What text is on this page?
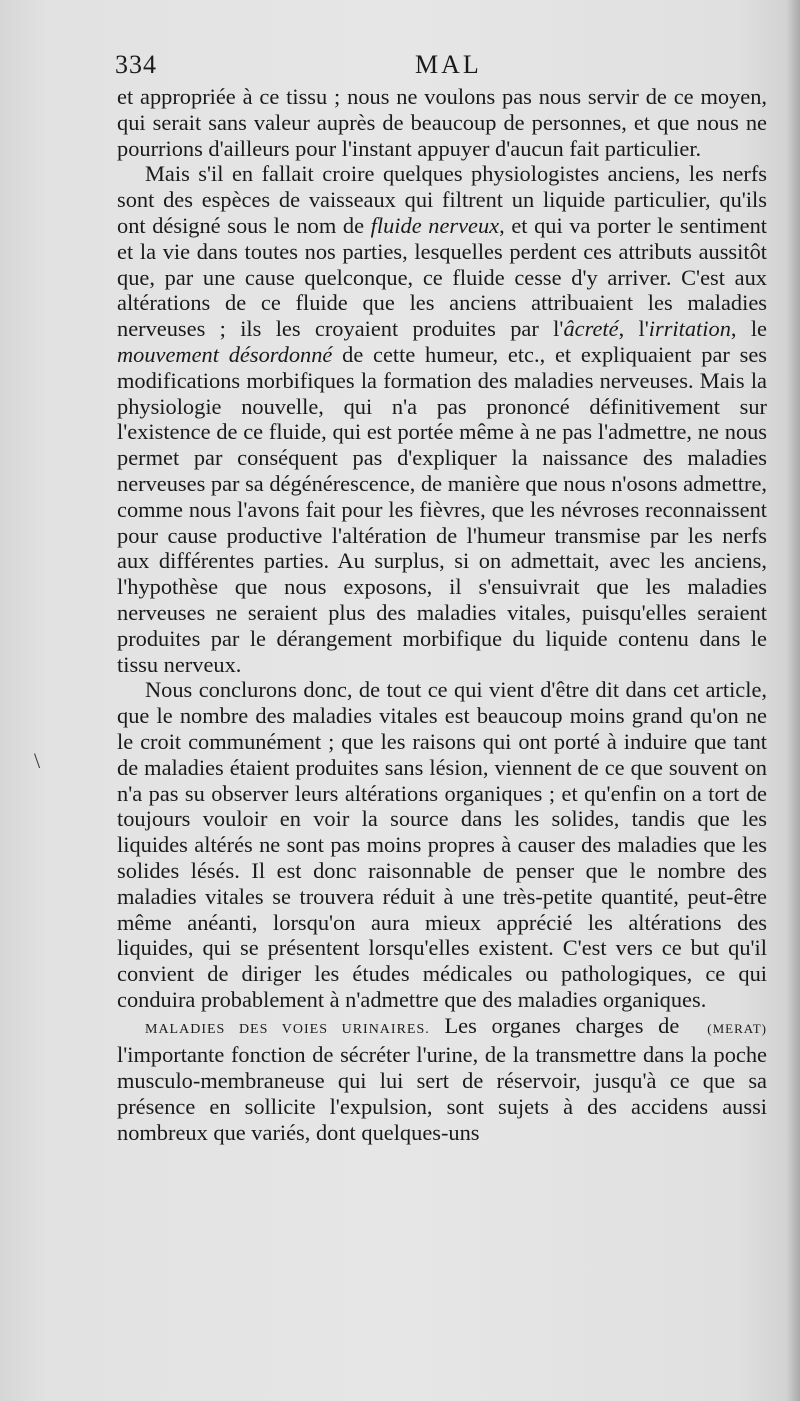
334	MAL
\

et appropriée à ce tissu ; nous ne voulons pas nous servir de ce moyen, qui serait sans valeur auprès de beaucoup de personnes, et que nous ne pourrions d'ailleurs pour l'instant appuyer d'aucun fait particulier.

Mais s'il en fallait croire quelques physiologistes anciens, les nerfs sont des espèces de vaisseaux qui filtrent un liquide particulier, qu'ils ont désigné sous le nom de fluide nerveux, et qui va porter le sentiment et la vie dans toutes nos parties, lesquelles perdent ces attributs aussitôt que, par une cause quelconque, ce fluide cesse d'y arriver. C'est aux altérations de ce fluide que les anciens attribuaient les maladies nerveuses ; ils les croyaient produites par l'âcreté, l'irritation, le mouvement désordonné de cette humeur, etc., et expliquaient par ses modifications morbifiques la formation des maladies nerveuses. Mais la physiologie nouvelle, qui n'a pas prononcé définitivement sur l'existence de ce fluide, qui est portée même à ne pas l'admettre, ne nous permet par conséquent pas d'expliquer la naissance des maladies nerveuses par sa dégénérescence, de manière que nous n'osons admettre, comme nous l'avons fait pour les fièvres, que les névroses reconnaissent pour cause productive l'altération de l'humeur transmise par les nerfs aux différentes parties. Au surplus, si on admettait, avec les anciens, l'hypothèse que nous exposons, il s'ensuivrait que les maladies nerveuses ne seraient plus des maladies vitales, puisqu'elles seraient produites par le dérangement morbifique du liquide contenu dans le tissu nerveux.

Nous conclurons donc, de tout ce qui vient d'être dit dans cet article, que le nombre des maladies vitales est beaucoup moins grand qu'on ne le croit communément ; que les raisons qui ont porté à induire que tant de maladies étaient produites sans lésion, viennent de ce que souvent on n'a pas su observer leurs altérations organiques ; et qu'enfin on a tort de toujours vouloir en voir la source dans les solides, tandis que les liquides altérés ne sont pas moins propres à causer des maladies que les solides lésés. Il est donc raisonnable de penser que le nombre des maladies vitales se trouvera réduit à une très-petite quantité, peut-être même anéanti, lorsqu'on aura mieux apprécié les altérations des liquides, qui se présentent lorsqu'elles existent. C'est vers ce but qu'il convient de diriger les études médicales ou pathologiques, ce qui conduira probablement à n'admettre que des maladies organiques.
(MERAT)

MALADIES DES VOIES URINAIRES. Les organes charges de l'importante fonction de sécréter l'urine, de la transmettre dans la poche musculo-membraneuse qui lui sert de réservoir, jusqu'à ce que sa présence en sollicite l'expulsion, sont sujets à des accidens aussi nombreux que variés, dont quelques-uns
